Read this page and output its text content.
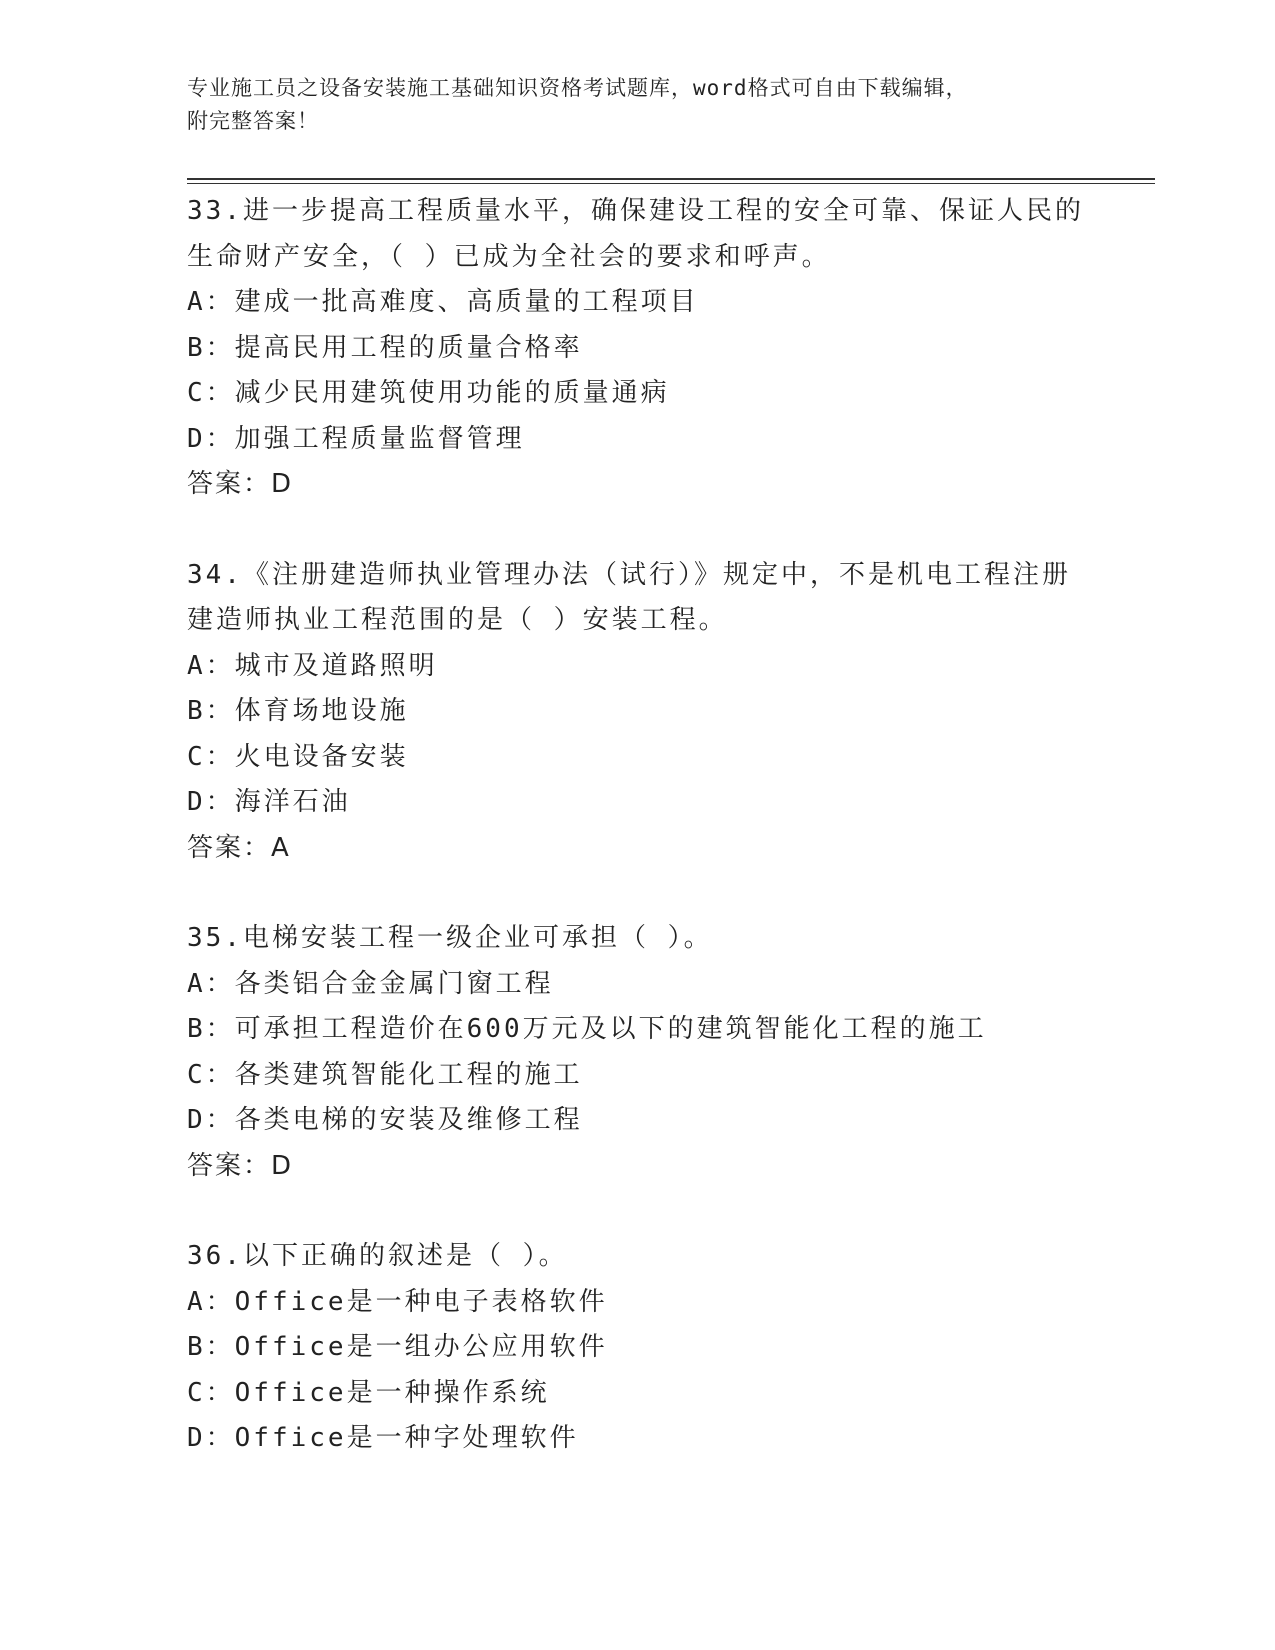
专业施工员之设备安装施工基础知识资格考试题库，word格式可自由下载编辑，
附完整答案！
33.进一步提高工程质量水平，确保建设工程的安全可靠、保证人民的
生命财产安全，（ ）已成为全社会的要求和呼声。
A：建成一批高难度、高质量的工程项目
B：提高民用工程的质量合格率
C：减少民用建筑使用功能的质量通病
D：加强工程质量监督管理
答案：D
34.《注册建造师执业管理办法（试行）》规定中，不是机电工程注册
建造师执业工程范围的是（ ）安装工程。
A：城市及道路照明
B：体育场地设施
C：火电设备安装
D：海洋石油
答案：A
35.电梯安装工程一级企业可承担（ ）。
A：各类铝合金金属门窗工程
B：可承担工程造价在600万元及以下的建筑智能化工程的施工
C：各类建筑智能化工程的施工
D：各类电梯的安装及维修工程
答案：D
36.以下正确的叙述是（ ）。
A：Office是一种电子表格软件
B：Office是一组办公应用软件
C：Office是一种操作系统
D：Office是一种字处理软件
